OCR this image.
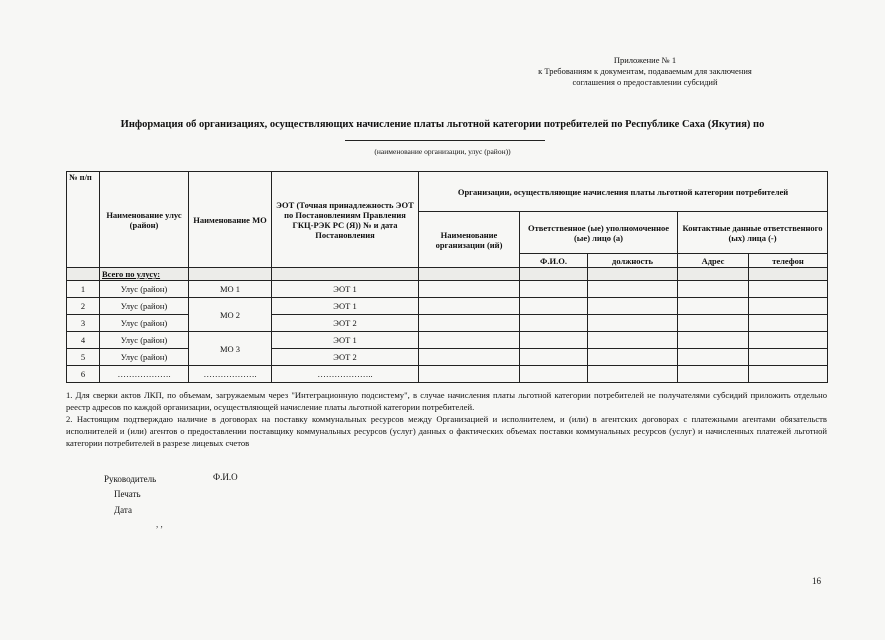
Приложение № 1
к Требованиям к документам, подаваемым для заключения
соглашения о предоставлении субсидий
Информация об организациях, осуществляющих начисление платы льготной категории потребителей по Республике Саха (Якутия) по
(наименование организации, улус (район))
№ п/п	Наименование улус (район)	Наименование МО	ЭОТ (Точная принадлежность ЭОТ по Постановлениям Правления ГКЦ-РЭК РС (Я)) № и дата Постановления	Организации, осуществляющие начисления платы льготной категории потребителей				
				Наименование организации (ий)	Ответственное (ые) уполномоченное (ые) лицо (а)		Контактные данные ответственного (ых) лица (-)	
					Ф.И.О.	должность	Адрес	телефон
	Всего по улусу:							
1	Улус (район)	МО 1	ЭОТ 1					
2	Улус (район)	МО 2	ЭОТ 1					
3	Улус (район)		ЭОТ 2					
4	Улус (район)	МО 3	ЭОТ 1					
5	Улус (район)		ЭОТ 2					
6	……………….	……………….	………………..					

1. Для сверки актов ЛКП, по объемам, загружаемым через "Интеграционную подсистему", в случае начисления платы льготной категории потребителей не получателями субсидий приложить отдельно реестр адресов по каждой организации, осуществляющей начисление платы льготной категории потребителей.

2. Настоящим подтверждаю наличие в договорах на поставку коммунальных ресурсов между Организацией и исполнителем, и (или) в агентских договорах с платежными агентами обязательств исполнителей и (или) агентов о предоставлении поставщику коммунальных ресурсов (услуг) данных о фактических объемах поставки коммунальных ресурсов (услуг) и начисленных платежей льготной категории потребителей в разрезе лицевых счетов

Руководитель	Ф.И.О
Печать
Дата
, ,
16
